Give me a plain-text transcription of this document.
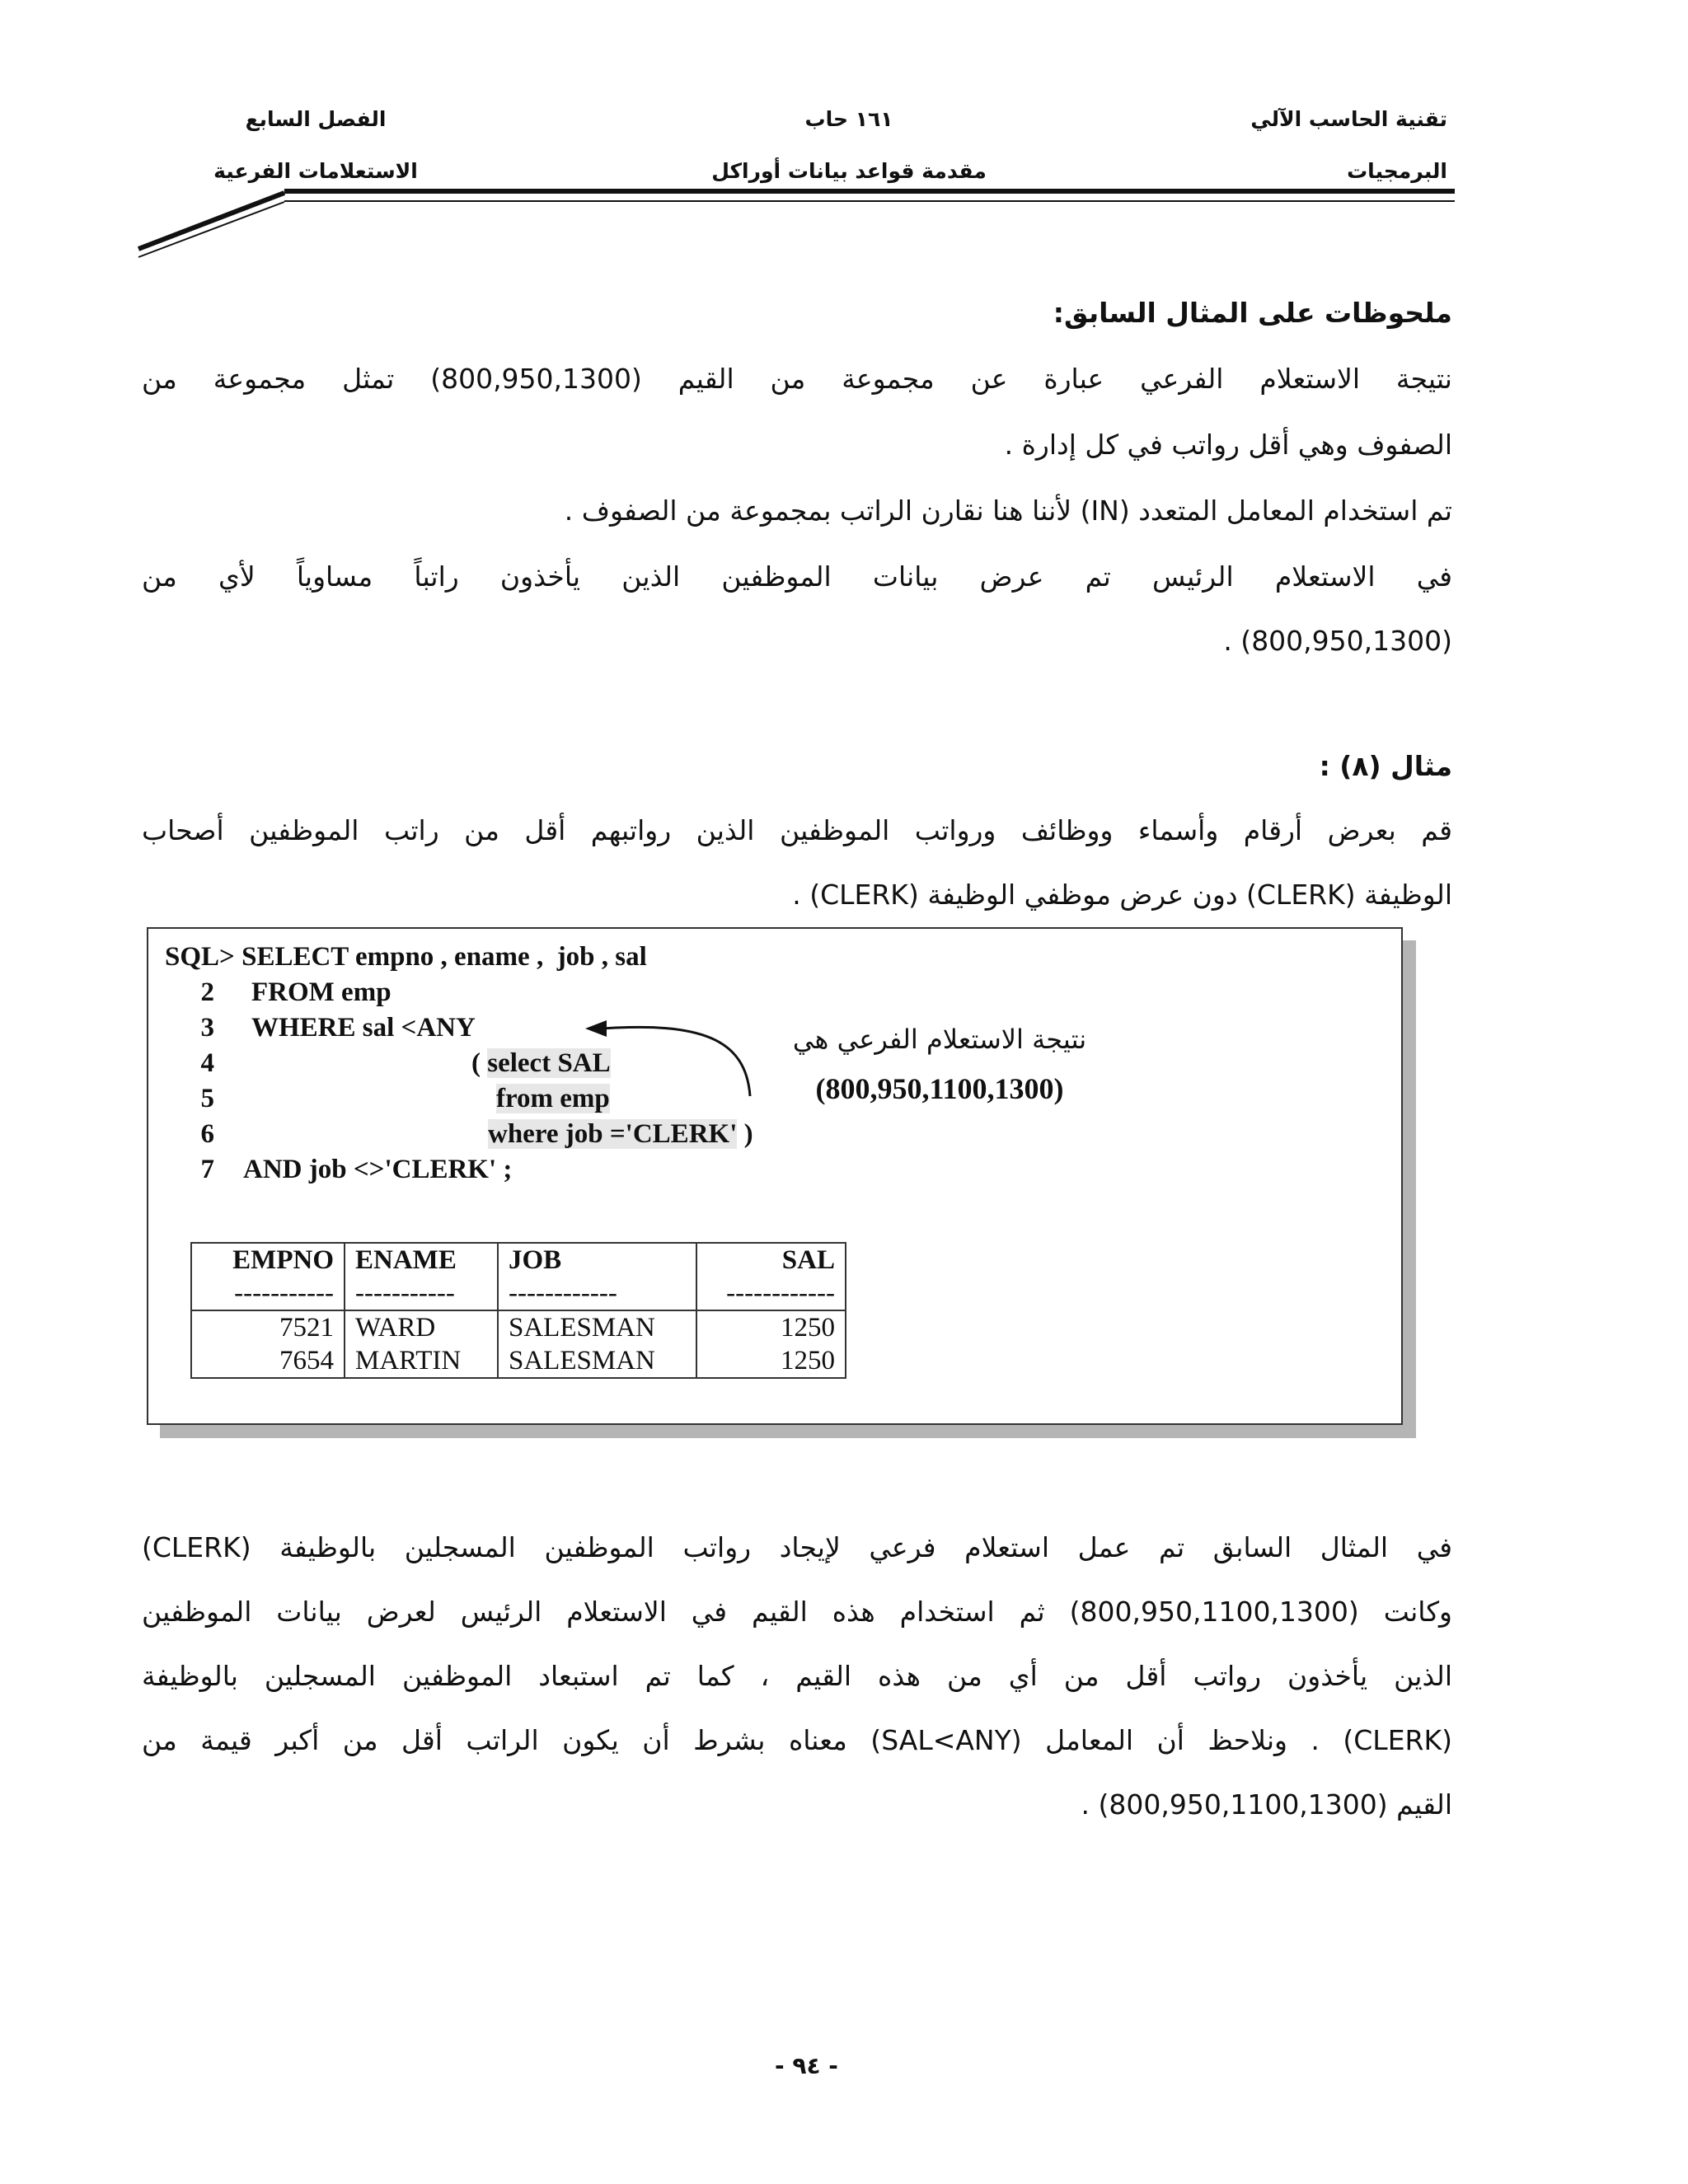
تقنية الحاسب الآلي
البرمجيات
١٦١ حاب
مقدمة قواعد بيانات أوراكل
الفصل السابع
الاستعلامات الفرعية
ملحوظات على المثال السابق:
نتيجة الاستعلام الفرعي عبارة عن مجموعة من القيم (800,950,1300) تمثل مجموعة من
الصفوف وهي أقل رواتب في كل إدارة .
تم استخدام المعامل المتعدد (IN) لأننا هنا نقارن الراتب بمجموعة من الصفوف .
في الاستعلام الرئيس تم عرض بيانات الموظفين الذين يأخذون راتباً مساوياً لأي من
(800,950,1300) .
مثال (٨) :
قم بعرض أرقام وأسماء ووظائف ورواتب الموظفين الذين رواتبهم أقل من راتب الموظفين أصحاب
الوظيفة (CLERK) دون عرض موظفي الوظيفة (CLERK) .
SQL> SELECT empno , ename ,  job , sal
2
3
4
5
6
7
FROM emp
WHERE sal <ANY
( select SAL
from emp
where job ='CLERK' )
AND job <>'CLERK' ;
نتيجة الاستعلام الفرعي هي
(800,950,1100,1300)
EMPNO	ENAME	JOB	SAL
-----------	-----------	------------	------------
7521	WARD	SALESMAN	1250
7654	MARTIN	SALESMAN	1250
في المثال السابق تم عمل استعلام فرعي لإيجاد رواتب الموظفين المسجلين بالوظيفة (CLERK)
وكانت (800,950,1100,1300) ثم استخدام هذه القيم في الاستعلام الرئيس لعرض بيانات الموظفين
الذين يأخذون رواتب أقل من أي من هذه القيم ، كما تم استبعاد الموظفين المسجلين بالوظيفة
(CLERK) . ونلاحظ أن المعامل (SAL<ANY) معناه بشرط أن يكون الراتب أقل من أكبر قيمة من
القيم (800,950,1100,1300) .
- ٩٤ -
